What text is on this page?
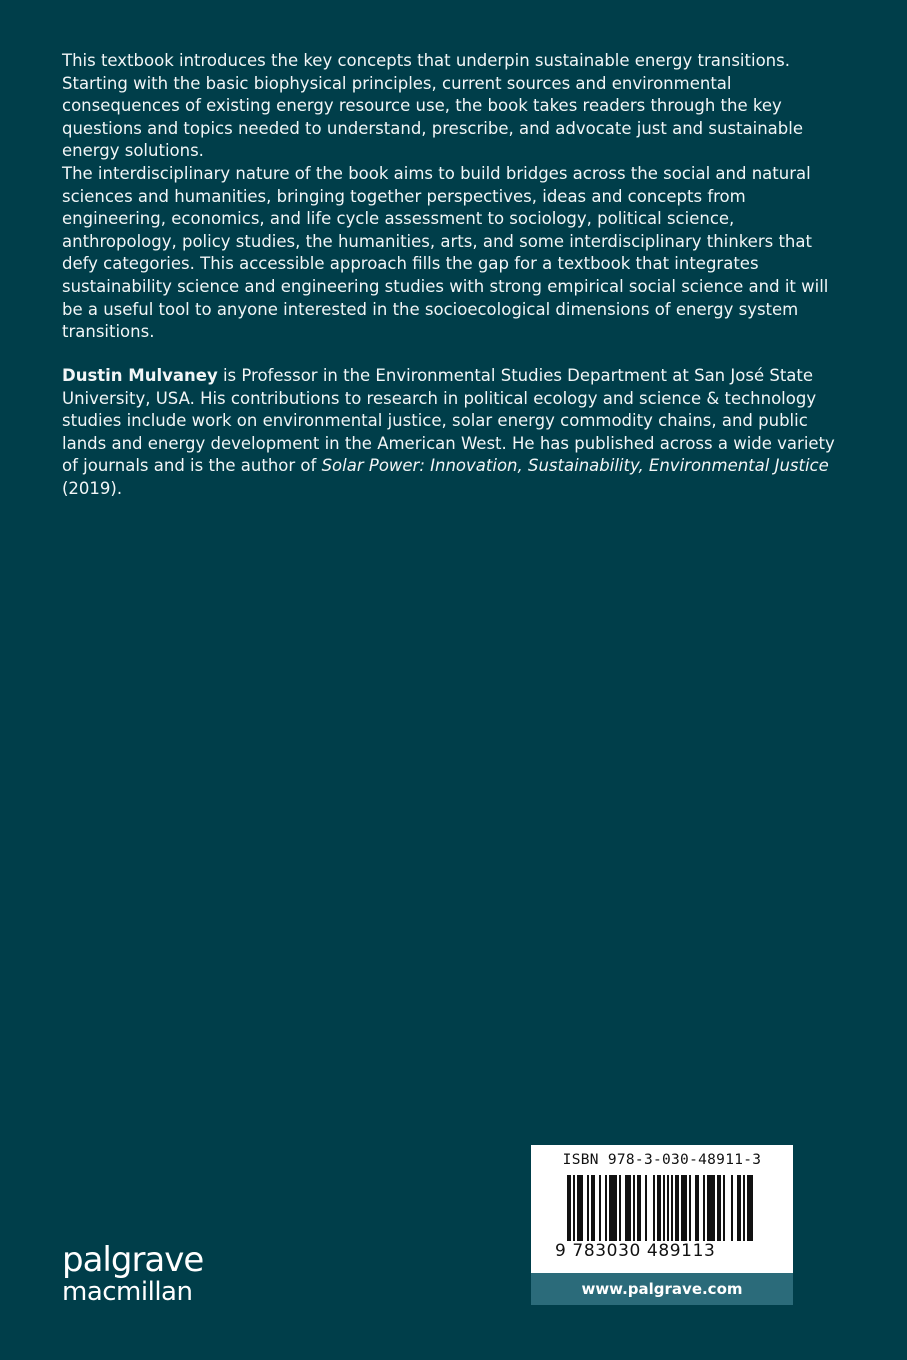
This textbook introduces the key concepts that underpin sustainable energy transitions. Starting with the basic biophysical principles, current sources and environmental consequences of existing energy resource use, the book takes readers through the key questions and topics needed to understand, prescribe, and advocate just and sustainable energy solutions.

The interdisciplinary nature of the book aims to build bridges across the social and natural sciences and humanities, bringing together perspectives, ideas and concepts from engineering, economics, and life cycle assessment to sociology, political science, anthropology, policy studies, the humanities, arts, and some interdisciplinary thinkers that defy categories. This accessible approach fills the gap for a textbook that integrates sustainability science and engineering studies with strong empirical social science and it will be a useful tool to anyone interested in the socioecological dimensions of energy system transitions.

Dustin Mulvaney is Professor in the Environmental Studies Department at San José State University, USA. His contributions to research in political ecology and science & technology studies include work on environmental justice, solar energy commodity chains, and public lands and energy development in the American West. He has published across a wide variety of journals and is the author of Solar Power: Innovation, Sustainability, Environmental Justice (2019).

palgrave
macmillan
ISBN 978-3-030-48911-3
9 783030 489113
www.palgrave.com
